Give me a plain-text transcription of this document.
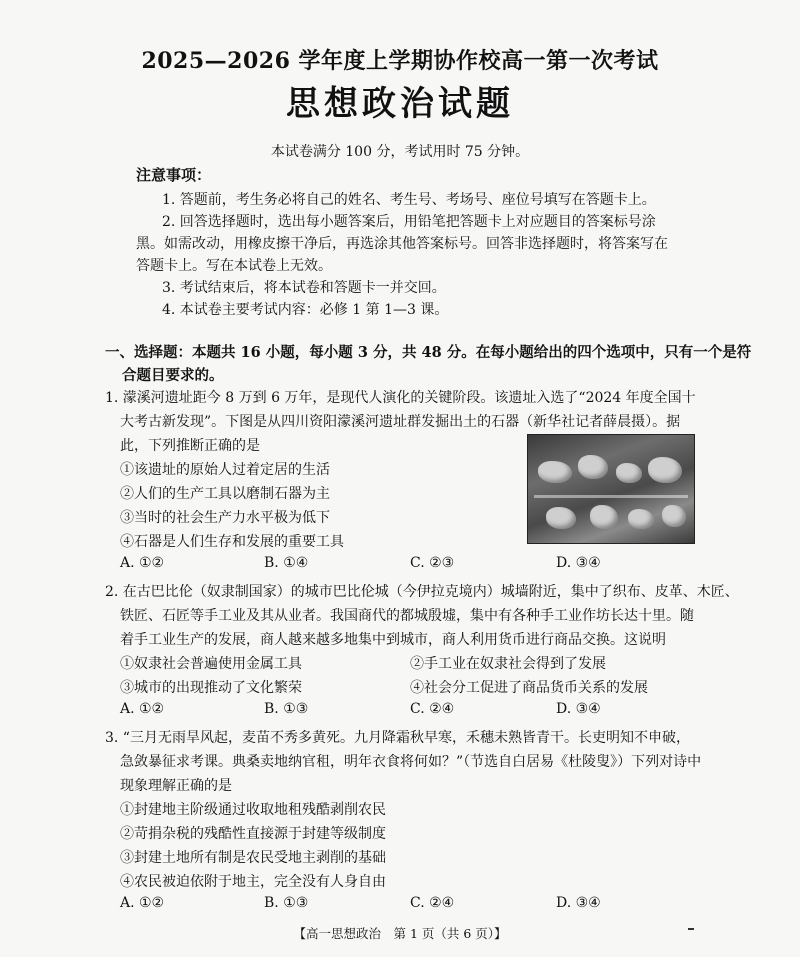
2025—2026 学年度上学期协作校高一第一次考试
思想政治试题
本试卷满分 100 分，考试用时 75 分钟。
注意事项：
1. 答题前，考生务必将自己的姓名、考生号、考场号、座位号填写在答题卡上。
2. 回答选择题时，选出每小题答案后，用铅笔把答题卡上对应题目的答案标号涂
黑。如需改动，用橡皮擦干净后，再选涂其他答案标号。回答非选择题时，将答案写在
答题卡上。写在本试卷上无效。
3. 考试结束后，将本试卷和答题卡一并交回。
4. 本试卷主要考试内容：必修 1 第 1—3 课。
一、选择题：本题共 16 小题，每小题 3 分，共 48 分。在每小题给出的四个选项中，只有一个是符
合题目要求的。
1. 濛溪河遗址距今 8 万到 6 万年，是现代人演化的关键阶段。该遗址入选了“2024 年度全国十
大考古新发现”。下图是从四川资阳濛溪河遗址群发掘出土的石器（新华社记者薛晨摄）。据
此，下列推断正确的是
①该遗址的原始人过着定居的生活
②人们的生产工具以磨制石器为主
③当时的社会生产力水平极为低下
④石器是人们生存和发展的重要工具
A. ①②	B. ①④	C. ②③	D. ③④
2. 在古巴比伦（奴隶制国家）的城市巴比伦城（今伊拉克境内）城墙附近，集中了织布、皮革、木匠、
铁匠、石匠等手工业及其从业者。我国商代的都城殷墟，集中有各种手工业作坊长达十里。随
着手工业生产的发展，商人越来越多地集中到城市，商人利用货币进行商品交换。这说明
①奴隶社会普遍使用金属工具	②手工业在奴隶社会得到了发展
③城市的出现推动了文化繁荣	④社会分工促进了商品货币关系的发展
A. ①②	B. ①③	C. ②④	D. ③④
3. “三月无雨旱风起，麦苗不秀多黄死。九月降霜秋早寒，禾穗未熟皆青干。长吏明知不申破，
急敛暴征求考课。典桑卖地纳官租，明年衣食将何如？”（节选自白居易《杜陵叟》）下列对诗中
现象理解正确的是
①封建地主阶级通过收取地租残酷剥削农民
②苛捐杂税的残酷性直接源于封建等级制度
③封建土地所有制是农民受地主剥削的基础
④农民被迫依附于地主，完全没有人身自由
A. ①②	B. ①③	C. ②④	D. ③④
【高一思想政治　第 1 页（共 6 页）】
